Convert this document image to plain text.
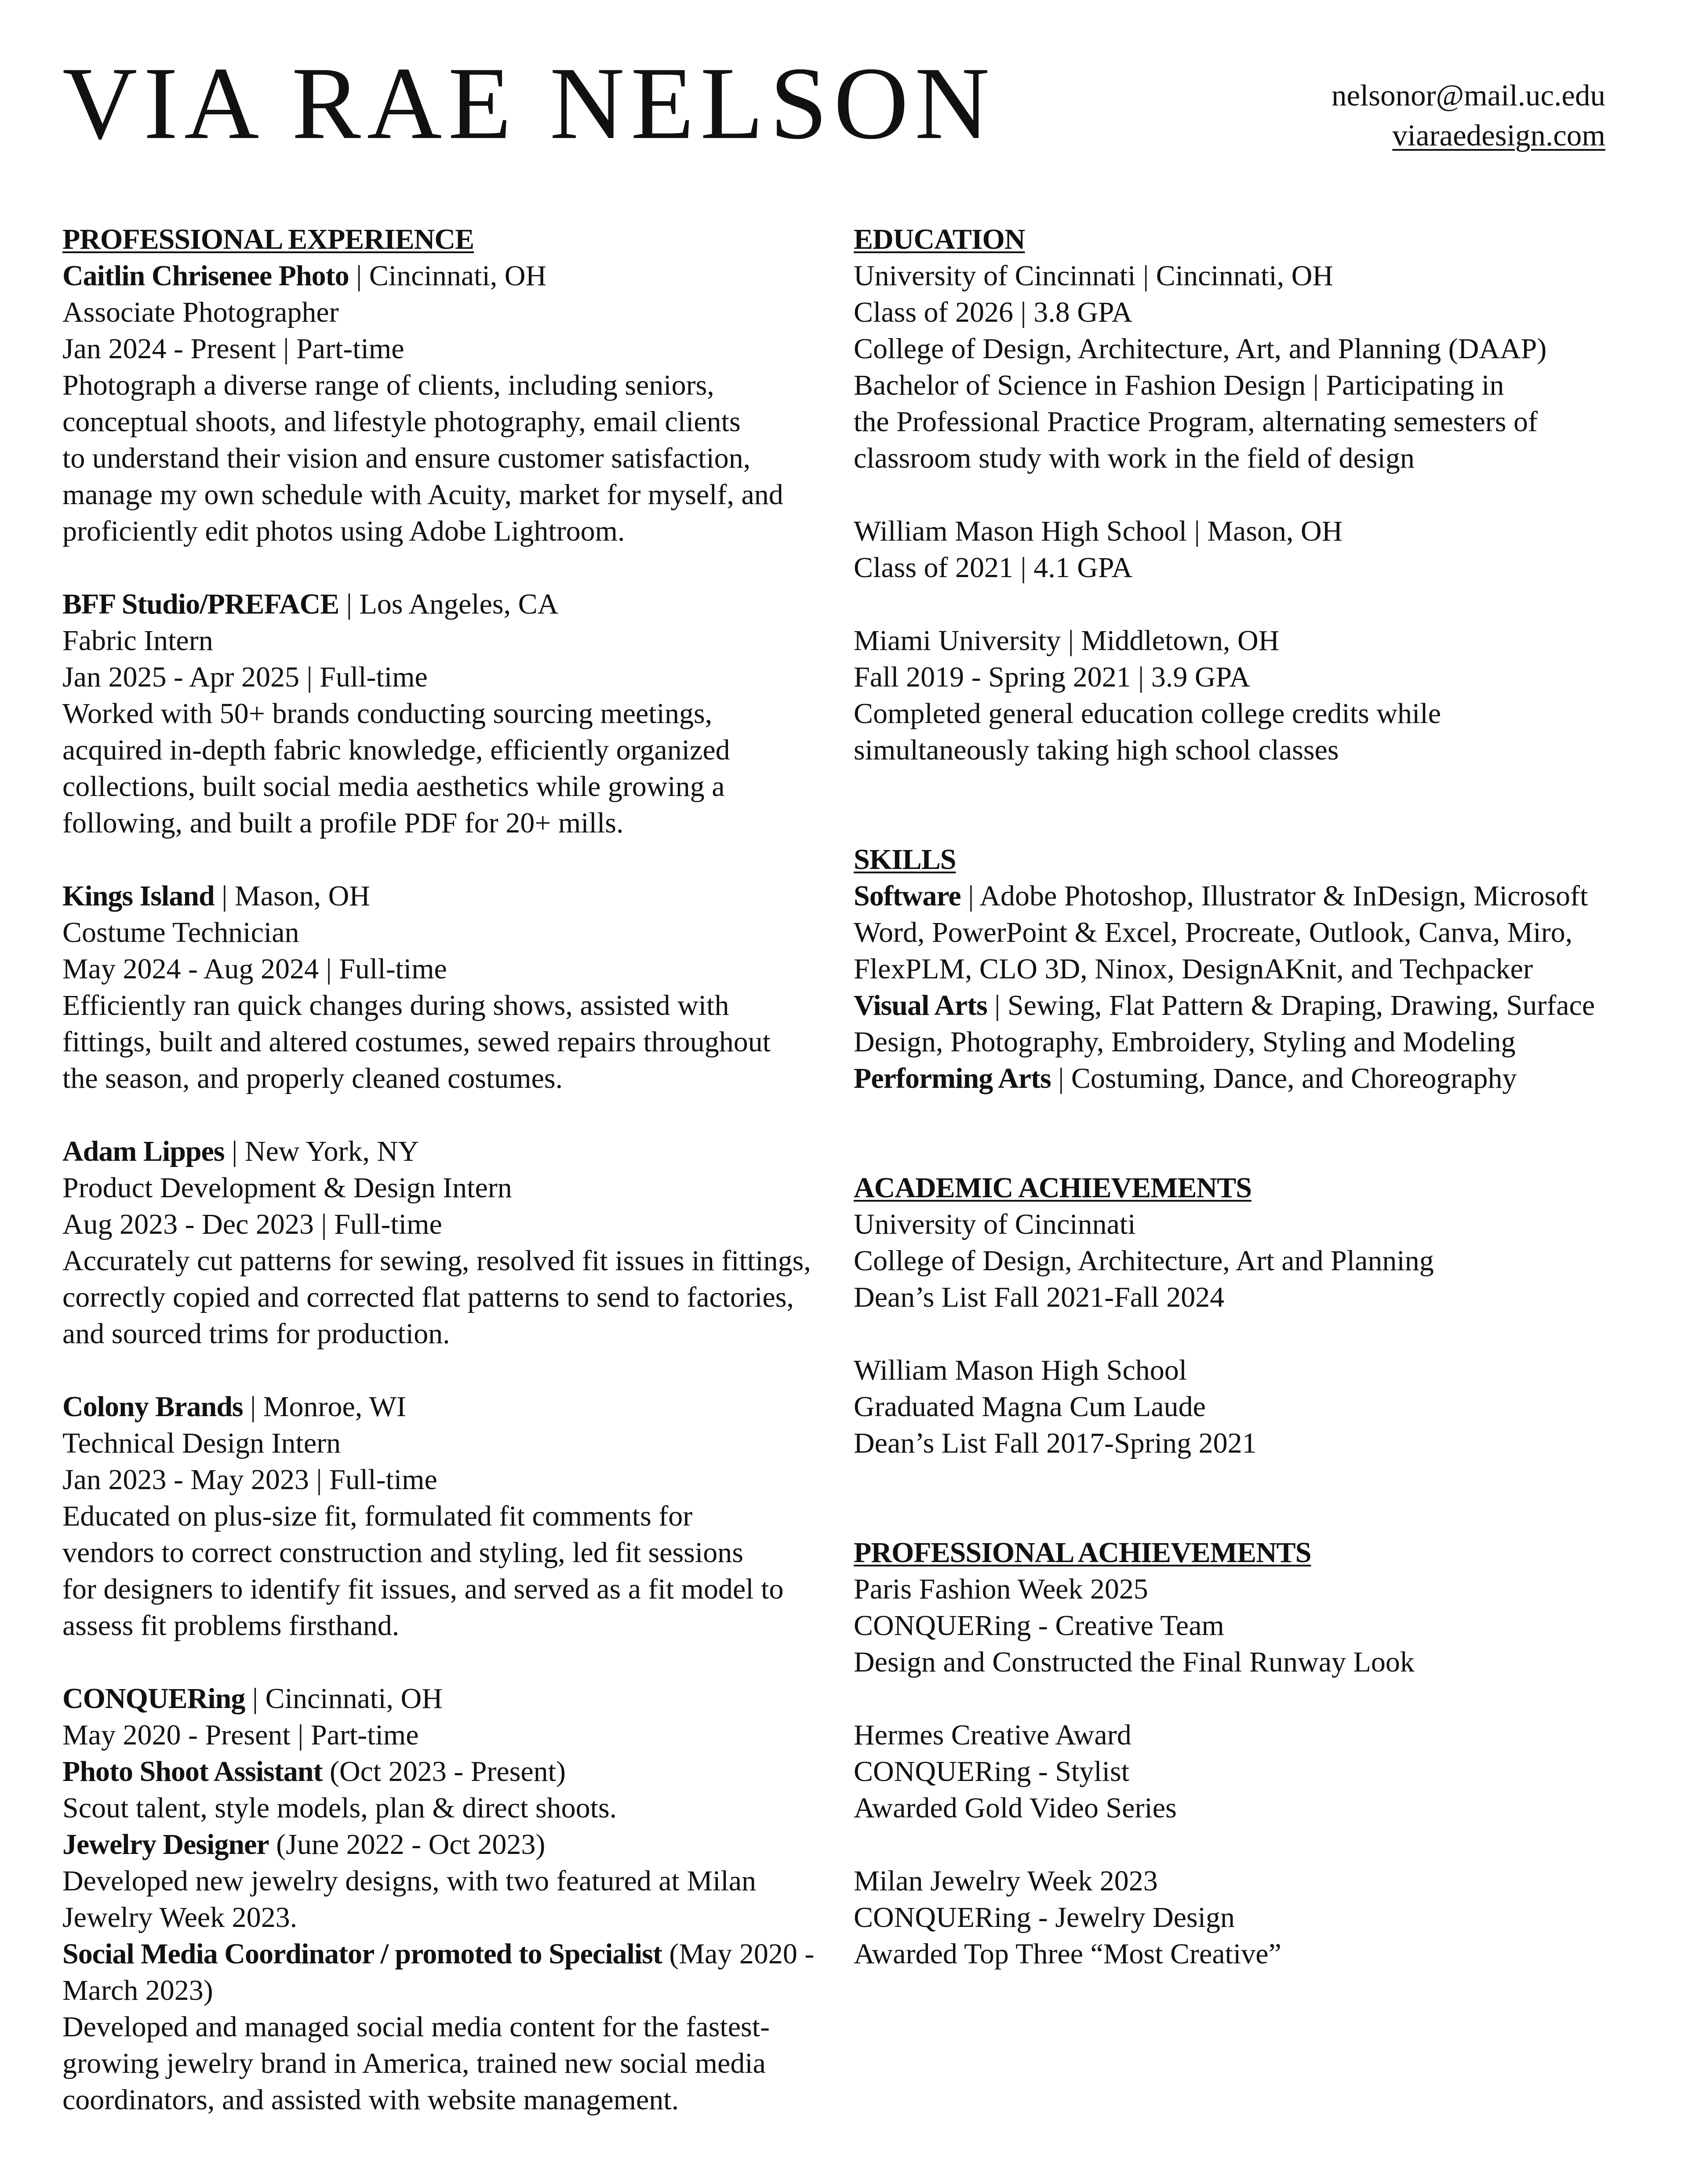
VIA RAE NELSON	nelsonor@mail.uc.edu
viaraedesign.com
PROFESSIONAL EXPERIENCE
Caitlin Chrisenee Photo | Cincinnati, OH
Associate Photographer
Jan 2024 - Present | Part-time
Photograph a diverse range of clients, including seniors,
conceptual shoots, and lifestyle photography, email clients
to understand their vision and ensure customer satisfaction,
manage my own schedule with Acuity, market for myself, and
proficiently edit photos using Adobe Lightroom.
BFF Studio/PREFACE | Los Angeles, CA
Fabric Intern
Jan 2025 - Apr 2025 | Full-time
Worked with 50+ brands conducting sourcing meetings,
acquired in-depth fabric knowledge, efficiently organized
collections, built social media aesthetics while growing a
following, and built a profile PDF for 20+ mills.
Kings Island | Mason, OH
Costume Technician
May 2024 - Aug 2024 | Full-time
Efficiently ran quick changes during shows, assisted with
fittings, built and altered costumes, sewed repairs throughout
the season, and properly cleaned costumes.
Adam Lippes | New York, NY
Product Development & Design Intern
Aug 2023 - Dec 2023 | Full-time
Accurately cut patterns for sewing, resolved fit issues in fittings,
correctly copied and corrected flat patterns to send to factories,
and sourced trims for production.
Colony Brands | Monroe, WI
Technical Design Intern
Jan 2023 - May 2023 | Full-time
Educated on plus-size fit, formulated fit comments for
vendors to correct construction and styling, led fit sessions
for designers to identify fit issues, and served as a fit model to
assess fit problems firsthand.
CONQUERing | Cincinnati, OH
May 2020 - Present | Part-time
Photo Shoot Assistant (Oct 2023 - Present)
Scout talent, style models, plan & direct shoots.
Jewelry Designer (June 2022 - Oct 2023)
Developed new jewelry designs, with two featured at Milan
Jewelry Week 2023.
Social Media Coordinator / promoted to Specialist (May 2020 -
March 2023)
Developed and managed social media content for the fastest-
growing jewelry brand in America, trained new social media
coordinators, and assisted with website management.
EDUCATION
University of Cincinnati | Cincinnati, OH
Class of 2026 | 3.8 GPA
College of Design, Architecture, Art, and Planning (DAAP)
Bachelor of Science in Fashion Design | Participating in
the Professional Practice Program, alternating semesters of
classroom study with work in the field of design
William Mason High School | Mason, OH
Class of 2021 | 4.1 GPA
Miami University | Middletown, OH
Fall 2019 - Spring 2021 | 3.9 GPA
Completed general education college credits while
simultaneously taking high school classes
SKILLS
Software | Adobe Photoshop, Illustrator & InDesign, Microsoft
Word, PowerPoint & Excel, Procreate, Outlook, Canva, Miro,
FlexPLM, CLO 3D, Ninox, DesignAKnit, and Techpacker
Visual Arts | Sewing, Flat Pattern & Draping, Drawing, Surface
Design, Photography, Embroidery, Styling and Modeling
Performing Arts | Costuming, Dance, and Choreography
ACADEMIC ACHIEVEMENTS
University of Cincinnati
College of Design, Architecture, Art and Planning
Dean’s List Fall 2021-Fall 2024
William Mason High School
Graduated Magna Cum Laude
Dean’s List Fall 2017-Spring 2021
PROFESSIONAL ACHIEVEMENTS
Paris Fashion Week 2025
CONQUERing - Creative Team
Design and Constructed the Final Runway Look
Hermes Creative Award
CONQUERing - Stylist
Awarded Gold Video Series
Milan Jewelry Week 2023
CONQUERing - Jewelry Design
Awarded Top Three “Most Creative”
